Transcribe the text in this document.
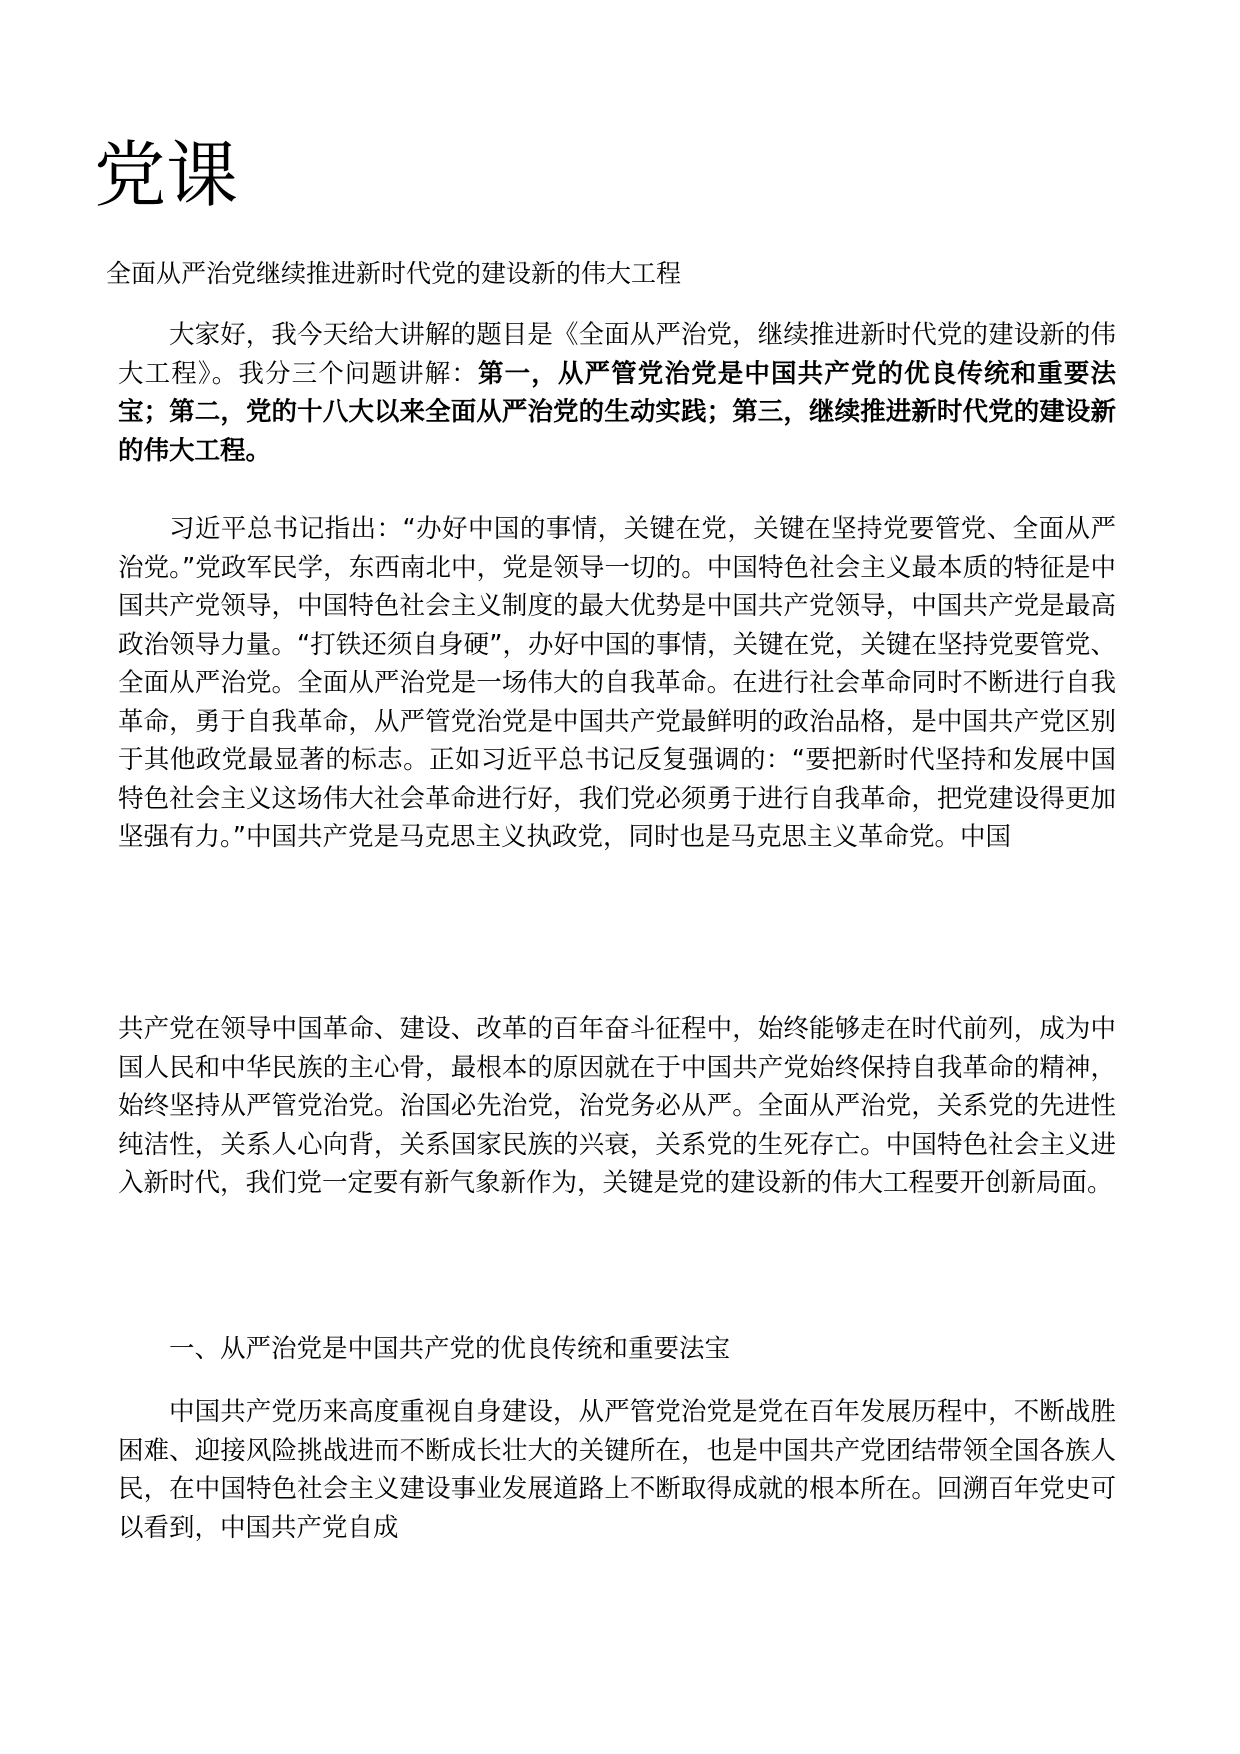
党课

全面从严治党继续推进新时代党的建设新的伟大工程

大家好，我今天给大讲解的题目是《全面从严治党，继续推进新时代党的建设新的伟大工程》。我分三个问题讲解：第一，从严管党治党是中国共产党的优良传统和重要法宝；第二，党的十八大以来全面从严治党的生动实践；第三，继续推进新时代党的建设新的伟大工程。

习近平总书记指出：“办好中国的事情，关键在党，关键在坚持党要管党、全面从严治党。”党政军民学，东西南北中，党是领导一切的。中国特色社会主义最本质的特征是中国共产党领导，中国特色社会主义制度的最大优势是中国共产党领导，中国共产党是最高政治领导力量。“打铁还须自身硬”，办好中国的事情，关键在党，关键在坚持党要管党、全面从严治党。全面从严治党是一场伟大的自我革命。在进行社会革命同时不断进行自我革命，勇于自我革命，从严管党治党是中国共产党最鲜明的政治品格，是中国共产党区别于其他政党最显著的标志。正如习近平总书记反复强调的：“要把新时代坚持和发展中国特色社会主义这场伟大社会革命进行好，我们党必须勇于进行自我革命，把党建设得更加坚强有力。”中国共产党是马克思主义执政党，同时也是马克思主义革命党。中国

共产党在领导中国革命、建设、改革的百年奋斗征程中，始终能够走在时代前列，成为中国人民和中华民族的主心骨，最根本的原因就在于中国共产党始终保持自我革命的精神，始终坚持从严管党治党。治国必先治党，治党务必从严。全面从严治党，关系党的先进性纯洁性，关系人心向背，关系国家民族的兴衰，关系党的生死存亡。中国特色社会主义进入新时代，我们党一定要有新气象新作为，关键是党的建设新的伟大工程要开创新局面。

一、从严治党是中国共产党的优良传统和重要法宝

中国共产党历来高度重视自身建设，从严管党治党是党在百年发展历程中，不断战胜困难、迎接风险挑战进而不断成长壮大的关键所在，也是中国共产党团结带领全国各族人民，在中国特色社会主义建设事业发展道路上不断取得成就的根本所在。回溯百年党史可以看到，中国共产党自成
